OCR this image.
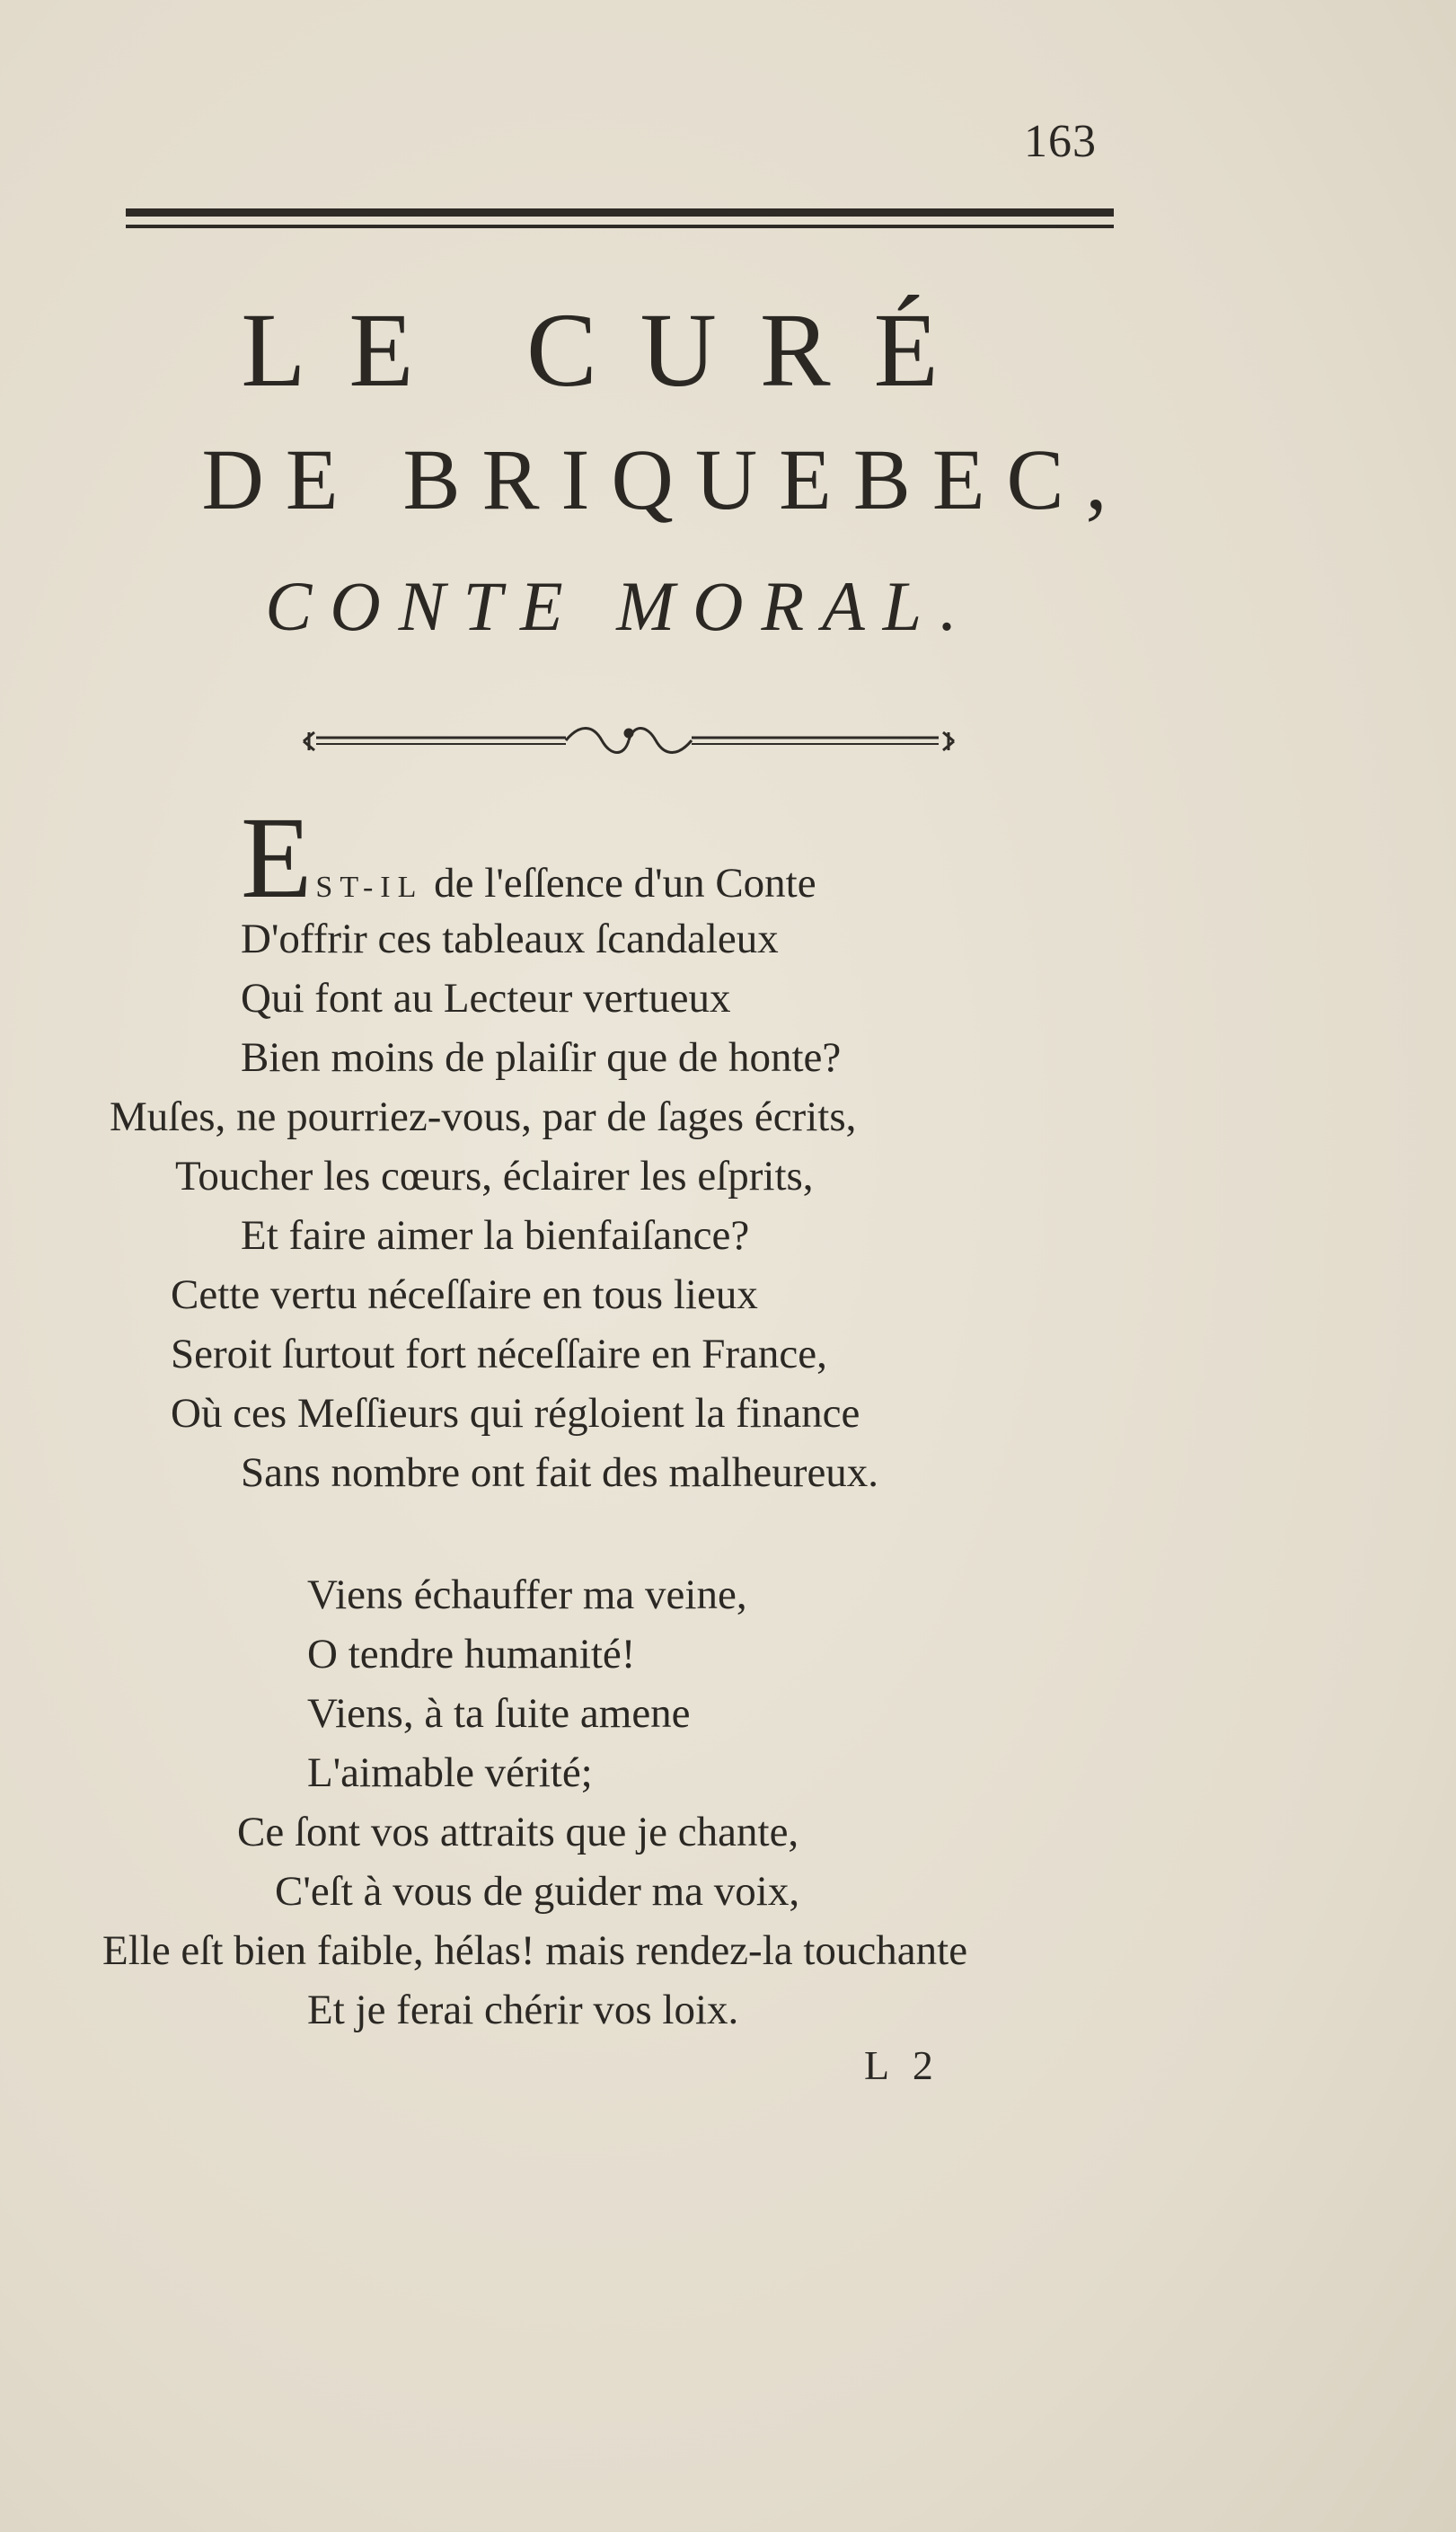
163
LE CURÉ
DE BRIQUEBEC,
CONTE MORAL.
EST-IL de l'eſſence d'un Conte
D'offrir ces tableaux ſcandaleux
Qui font au Lecteur vertueux
Bien moins de plaiſir que de honte?
Muſes, ne pourriez-vous, par de ſages écrits,
Toucher les cœurs, éclairer les eſprits,
Et faire aimer la bienfaiſance?
Cette vertu néceſſaire en tous lieux
Seroit ſurtout fort néceſſaire en France,
Où ces Meſſieurs qui régloient la finance
Sans nombre ont fait des malheureux.
Viens échauffer ma veine,
O tendre humanité!
Viens, à ta ſuite amene
L'aimable vérité;
Ce ſont vos attraits que je chante,
C'eſt à vous de guider ma voix,
Elle eſt bien faible, hélas! mais rendez-la touchante
Et je ferai chérir vos loix.
L 2
